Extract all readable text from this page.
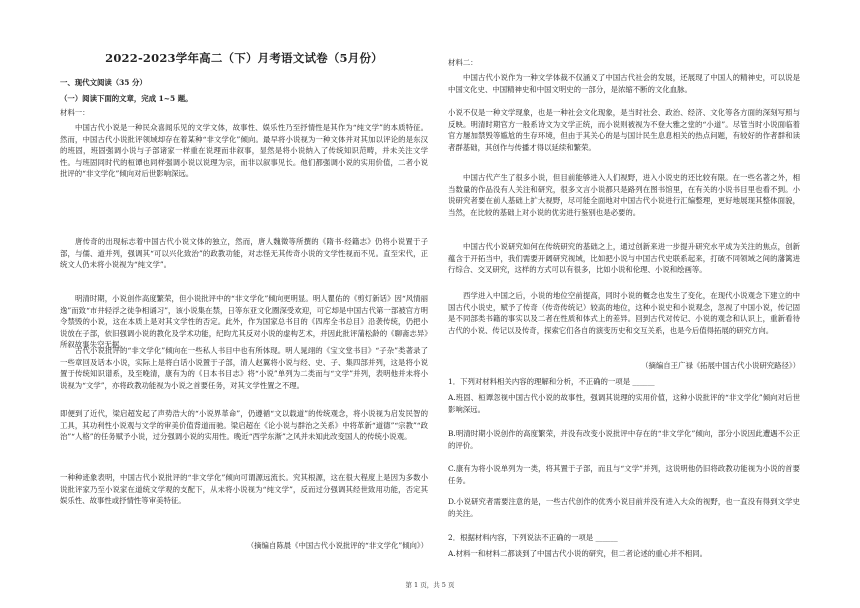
2022-2023学年高二（下）月考语文试卷（5月份）
一、现代文阅读（35 分）
（一）阅读下面的文章，完成 1~5 题。
材料一：
中国古代小说是一种民众喜闻乐见的文学文体，故事性、娱乐性乃至抒情性是其作为“纯文学”的本质特征。然而，中国古代小说批评领域却存在着某种“非文学化”倾向。最早将小说视为一种文体并对其加以评论的是东汉的班固，班固强调小说与子部诸家一样重在说理而非叙事，显然是将小说纳入了传统知识范畴，并未关注文学性。与班固同时代的桓谭也同样强调小说以说理为宗，而非以叙事见长。他们都强调小说的实用价值，二者小说批评的“非文学化”倾向对后世影响深远。
唐传奇的出现标志着中国古代小说文体的独立，然而，唐人魏徵等所撰的《隋书·经籍志》仍将小说置于子部，与儒、道并列，强调其“可以兴化致治”的政教功能，对志怪无其传奇小说的文学性视而不见。直至宋代，正统文人仍未将小说视为“纯文学”。
明清时期，小说创作高度繁荣，但小说批评中的“非文学化”倾向更明显。明人瞿佑的《剪灯新话》因“风情丽逸”而致“市井轻浮之徒争相诵习”，该小说集在禁，日等东亚文化圈深受欢迎，可它却是中国古代第一部被官方明令禁毁的小说，这在本质上是对其文学性的否定。此外，作为国家总书目的《四库全书总目》沿袭传统，仍把小说放在子部，依旧强调小说的教化及学术功能，纪昀尤其反对小说的虚构艺术，并因此批评蒲松龄的《聊斋志异》所叙故事失空无据。
古代小说批评的“非文学化”倾向在一些私人书目中也有所体现。明人晁翊的《宝文堂书目》“子杂”类著录了一些章回及话本小说，实际上是将白话小说置于子部，清人赵翼将小说与经、史、子、集四部并列，这是将小说置于传统知识谱系，及至晚清，康有为的《日本书目志》将“小说”单列为二类而与“文学”并列，表明他并未将小说视为“文学”，亦将政教功能视为小说之首要任务，对其文学性置之不理。
即便到了近代，梁启超发起了声势浩大的“小说界革命”，仍遵循“文以载道”的传统观念，将小说视为启发民智的工具，其功利性小说观与文学的审美价值背道而驰。梁启超在《论小说与群治之关系》中将革新“道德”“宗教”“政治”“人格”的任务赋予小说，过分强调小说的实用性。晚近“西学东渐”之风并未知此改变国人的传统小说观。
一种种迹象表明，中国古代小说批评的“非文学化”倾向可谓源远流长。究其根源，这在很大程度上是因为多数小说批评家乃至小说家在道统文学观的支配下，从未将小说视为“纯文学”，反而过分强调其经世致用功能，否定其娱乐性、故事性或抒情性等审美特征。
（摘编自陈晨《中国古代小说批评的“非文学化”倾向》）
材料二：
中国古代小说作为一种文学体裁不仅涵义了中国古代社会的发展，还展现了中国人的精神史，可以说是中国文化史、中国精神史和中国文明史的一部分，是浓缩不断的文化血脉。
小说不仅是一种文学现象，也是一种社会文化现象，是当时社会、政治、经济、文化等各方面的深刻写照与反映。明清时期官方一般系诗文为文学正统，而小说则被视为不登大雅之堂的“小道”。尽管当时小说面临着官方屡加禁毁等尴尬的生存环境，但由于其关心的是与国计民生息息相关的热点问题，有较好的作者群和读者群基础，其创作与传播才得以延续和繁荣。
中国古代产生了很多小说，但目前能够进入人们视野，进入小说史的还比较有限。在一些名著之外，相当数量的作品没有人关注和研究，很多文言小说都只是路列在图书馆里，在有关的小说书目里也看不到。小说研究者要在前人基础上扩大视野，尽可能全面地对中国古代小说进行汇编整理，更好地展现其整体面貌，当然，在比较的基础上对小说的优劣进行鉴别也是必要的。
中国古代小说研究如何在传统研究的基础之上，通过创新来进一步提升研究水平成为关注的焦点，创新蕴含于开拓当中，我们需要开阔研究视域，比如把小说与中国古代史联系起来，打破不同领域之间的藩篱进行综合、交叉研究，这样的方式可以有很多，比如小说和伦理、小说和绘画等。
西学进入中国之后，小说的地位空前提高，同时小说的概念也发生了变化，在现代小说观念下建立的中国古代小说史，赋予了传奇（传奇传统记）较高的地位，这种小说史和小说观念，忽视了中国小说，传记固是不同部类书籍的事实以及二者在性质和体式上的差异。回到古代对传记、小说的观念和认识上，重新看待古代的小说、传记以及传奇，探索它们各自的演变历史和交互关系，也是今后值得拓展的研究方向。
（摘编自王广禄《拓展中国古代小说研究路径》）
1．下列对材料相关内容的理解和分析，不正确的一项是 ______
A.班固、桓谭忽视中国古代小说的故事性，强调其说理的实用价值，这种小说批评的“非文学化”倾向对后世影响深远。
B.明清时期小说创作的高度繁荣，并没有改变小说批评中存在的“非文学化”倾向，部分小说因此遭遇不公正的评价。
C.康有为将小说单列为一类，将其置于子部，而且与“文学”并列，这说明他仍旧将政教功能视为小说的首要任务。
D.小说研究者需要注意的是，一些古代创作的优秀小说目前并没有进入大众的视野，也一直没有得到文学史的关注。
2．根据材料内容，下列说法不正确的一项是 ______
A.材料一和材料二都谈到了中国古代小说的研究，但二者论述的重心并不相同。
第 1 页，共 5 页
